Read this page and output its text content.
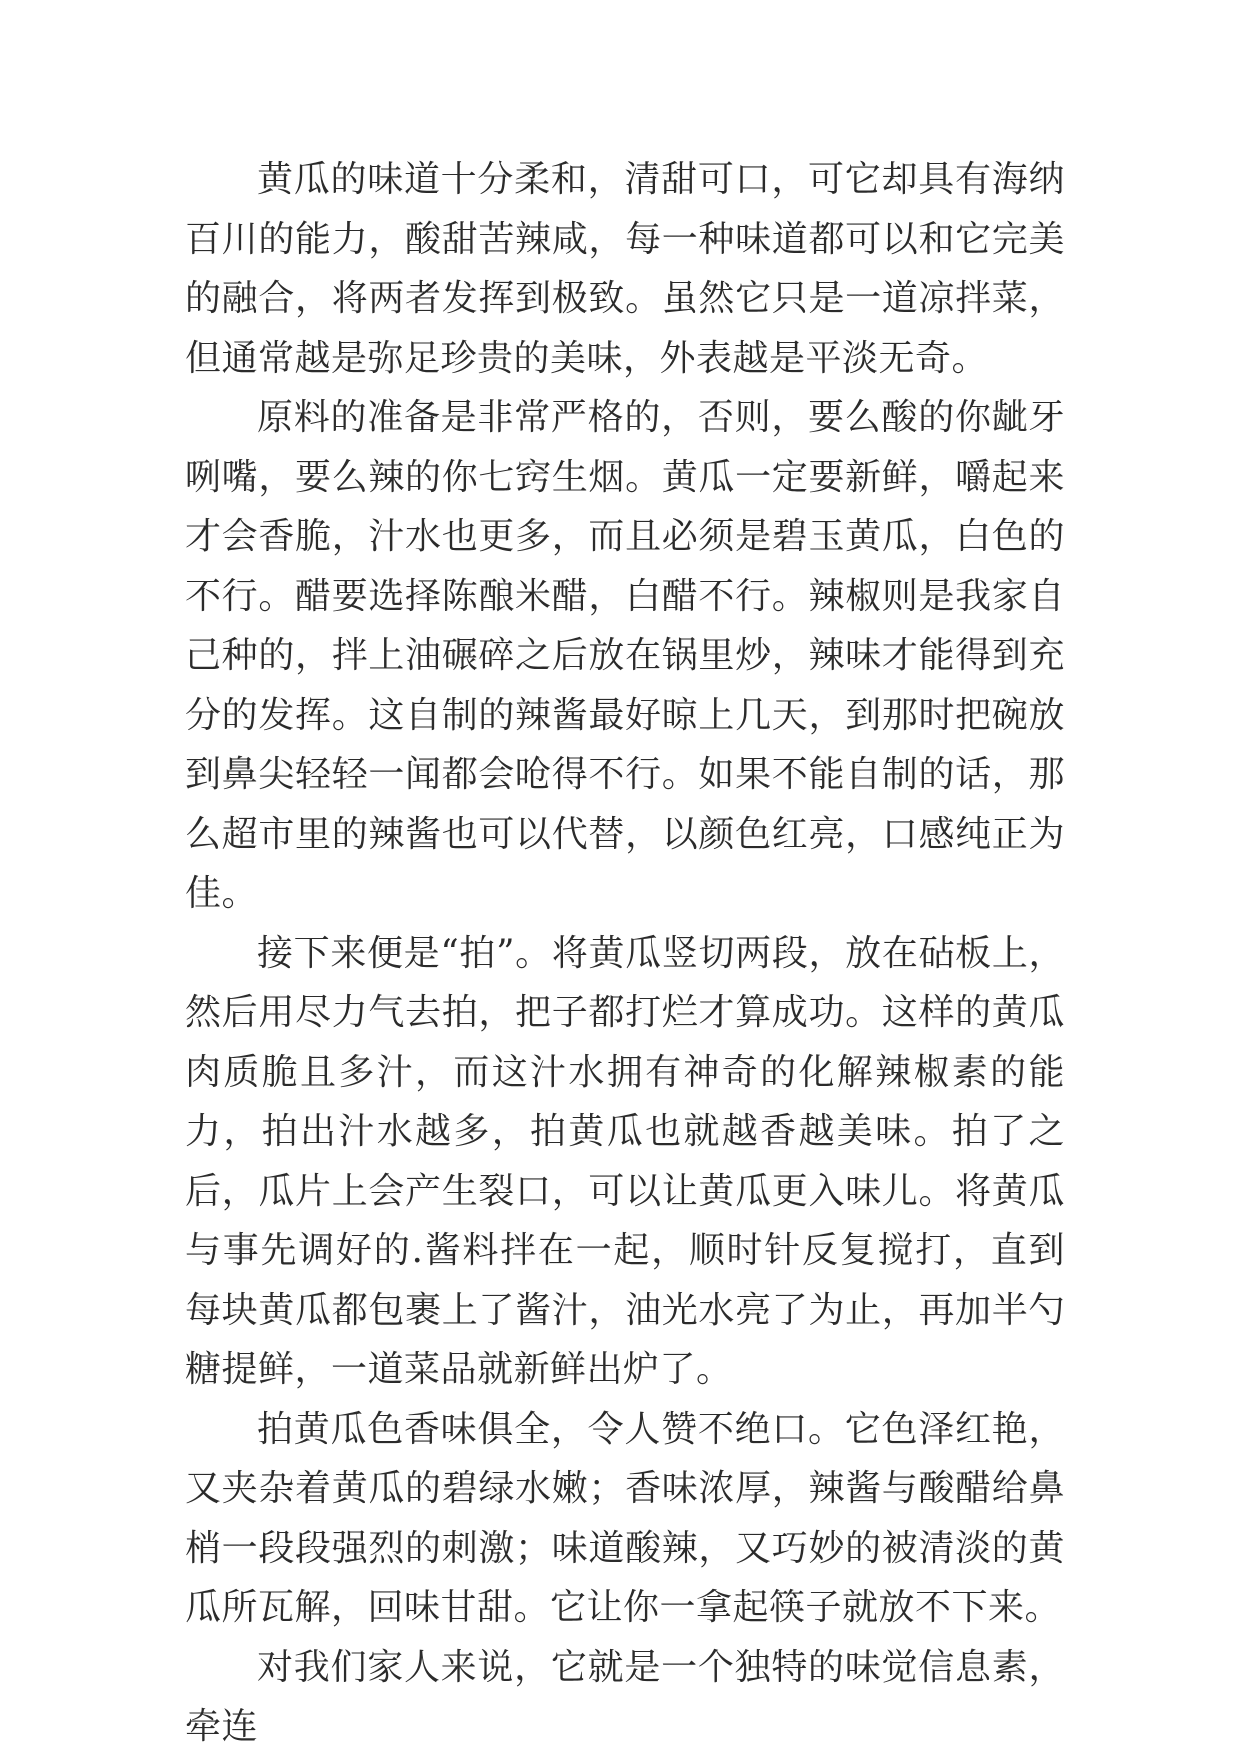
黄瓜的味道十分柔和，清甜可口，可它却具有海纳百川的能力，酸甜苦辣咸，每一种味道都可以和它完美的融合，将两者发挥到极致。虽然它只是一道凉拌菜，但通常越是弥足珍贵的美味，外表越是平淡无奇。

原料的准备是非常严格的，否则，要么酸的你龇牙咧嘴，要么辣的你七窍生烟。黄瓜一定要新鲜，嚼起来才会香脆，汁水也更多，而且必须是碧玉黄瓜，白色的不行。醋要选择陈酿米醋，白醋不行。辣椒则是我家自己种的，拌上油碾碎之后放在锅里炒，辣味才能得到充分的发挥。这自制的辣酱最好晾上几天，到那时把碗放到鼻尖轻轻一闻都会呛得不行。如果不能自制的话，那么超市里的辣酱也可以代替，以颜色红亮，口感纯正为佳。

接下来便是“拍”。将黄瓜竖切两段，放在砧板上，然后用尽力气去拍，把子都打烂才算成功。这样的黄瓜肉质脆且多汁，而这汁水拥有神奇的化解辣椒素的能力，拍出汁水越多，拍黄瓜也就越香越美味。拍了之后，瓜片上会产生裂口，可以让黄瓜更入味儿。将黄瓜与事先调好的.酱料拌在一起，顺时针反复搅打，直到每块黄瓜都包裹上了酱汁，油光水亮了为止，再加半勺糖提鲜，一道菜品就新鲜出炉了。

拍黄瓜色香味俱全，令人赞不绝口。它色泽红艳，又夹杂着黄瓜的碧绿水嫩；香味浓厚，辣酱与酸醋给鼻梢一段段强烈的刺激；味道酸辣，又巧妙的被清淡的黄瓜所瓦解，回味甘甜。它让你一拿起筷子就放不下来。

对我们家人来说，它就是一个独特的味觉信息素，牵连
